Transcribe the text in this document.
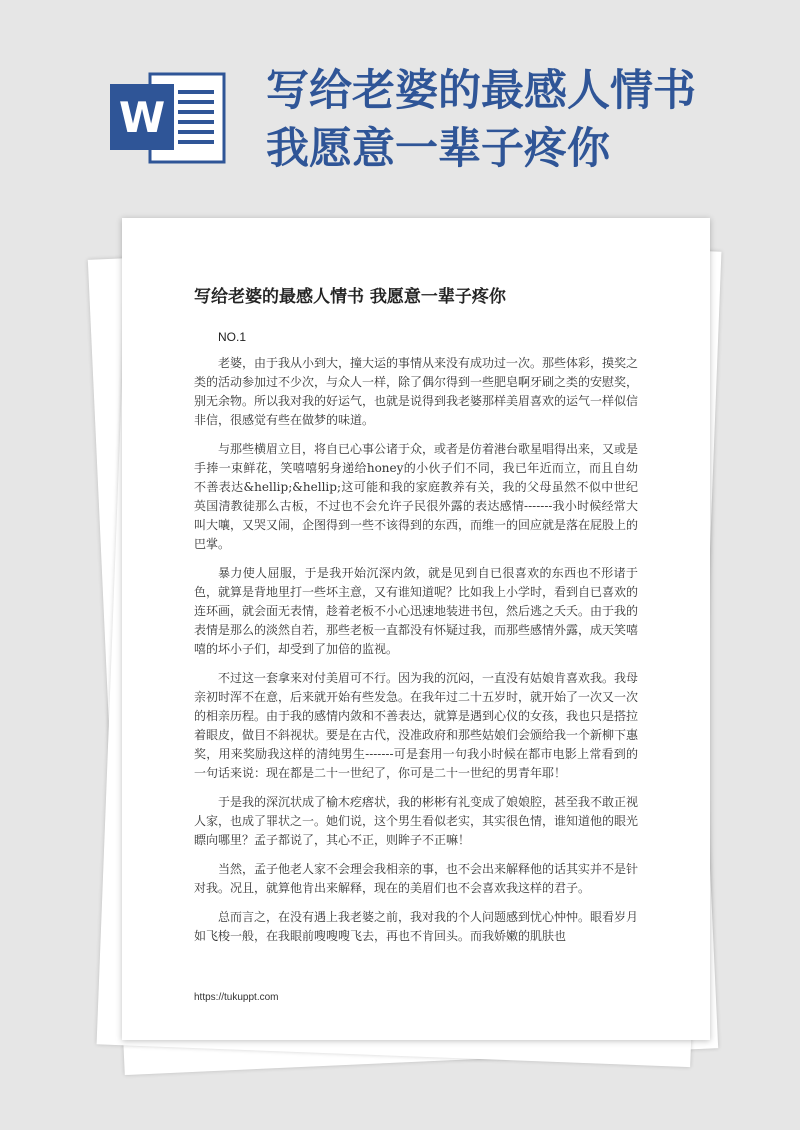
W
写给老婆的最感人情书
我愿意一辈子疼你
写给老婆的最感人情书 我愿意一辈子疼你
NO.1

老婆，由于我从小到大，撞大运的事情从来没有成功过一次。那些体彩，摸奖之类的活动参加过不少次，与众人一样，除了偶尔得到一些肥皂啊牙刷之类的安慰奖，别无余物。所以我对我的好运气，也就是说得到我老婆那样美眉喜欢的运气一样似信非信，很感觉有些在做梦的味道。

与那些横眉立目，将自已心事公诸于众，或者是仿着港台歌星唱得出来，又或是手捧一束鲜花，笑嘻嘻躬身递给honey的小伙子们不同，我已年近而立，而且自幼不善表达&hellip;&hellip;这可能和我的家庭教养有关，我的父母虽然不似中世纪英国清教徒那么古板，不过也不会允许子民很外露的表达感情-------我小时候经常大叫大嚷，又哭又闹，企图得到一些不该得到的东西，而维一的回应就是落在屁股上的巴掌。

暴力使人屈服，于是我开始沉深内敛，就是见到自已很喜欢的东西也不形诸于色，就算是背地里打一些坏主意，又有谁知道呢？比如我上小学时，看到自已喜欢的连环画，就会面无表情，趁着老板不小心迅速地装进书包，然后逃之夭夭。由于我的表情是那么的淡然自若，那些老板一直都没有怀疑过我，而那些感情外露，成天笑嘻嘻的坏小子们，却受到了加倍的监视。

不过这一套拿来对付美眉可不行。因为我的沉闷，一直没有姑娘肯喜欢我。我母亲初时浑不在意，后来就开始有些发急。在我年过二十五岁时，就开始了一次又一次的相亲历程。由于我的感情内敛和不善表达，就算是遇到心仪的女孩，我也只是搭拉着眼皮，做目不斜视状。要是在古代，没准政府和那些姑娘们会颁给我一个新柳下惠奖，用来奖励我这样的清纯男生-------可是套用一句我小时候在都市电影上常看到的一句话来说：现在都是二十一世纪了，你可是二十一世纪的男青年耶！

于是我的深沉状成了榆木疙瘩状，我的彬彬有礼变成了娘娘腔，甚至我不敢正视人家，也成了罪状之一。她们说，这个男生看似老实，其实很色情，谁知道他的眼光瞟向哪里？孟子都说了，其心不正，则眸子不正嘛！

当然，孟子他老人家不会理会我相亲的事，也不会出来解释他的话其实并不是针对我。况且，就算他肯出来解释，现在的美眉们也不会喜欢我这样的君子。

总而言之，在没有遇上我老婆之前，我对我的个人问题感到忧心忡忡。眼看岁月如飞梭一般，在我眼前嗖嗖嗖飞去，再也不肯回头。而我娇嫩的肌肤也

https://tukuppt.com
